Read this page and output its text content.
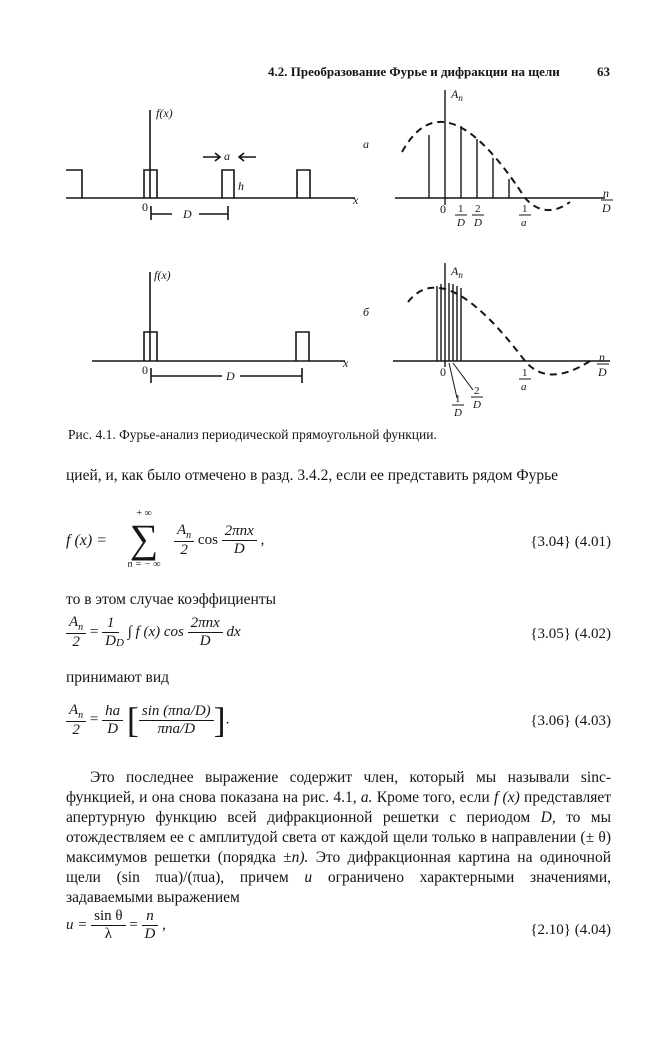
4.2. Преобразование Фурье и дифракции на щели	63
f(x)
x
a
h
0	D
a
$A_n$
n
D
0 1
D
2
D
1
a
f(x)
x
0	D
б
$A_n$
n
D
0
1
D
2
D
1
a
Рис. 4.1. Фурье-анализ периодической прямоугольной функции.
цией, и, как было отмечено в разд. 3.4.2, если ее представить рядом Фурье
f (x) =
+ ∞
∑
n = − ∞
$\frac{A_n}{2}$ $\cos \frac{\text{2πnx}}{D}$ ,	{3.04} (4.01)
то в этом случае коэффициенты
$\frac{A_n}{2} = \frac{1}{D}$
$_D$ ∫ f (x) $\cos \frac{\text{2πnx}}{D}$ dx	{3.05} (4.02)
принимают вид
$\frac{A_n}{2} = \frac{ha}{D}$ [ $\frac{\text{sin (πna/D)}}{\text{πna/D}}$ ].	{3.06} (4.03)
Это последнее выражение содержит член, который мы называли sinc-функцией, и она снова показана на рис. 4.1, a. Кроме того, если f (x) представляет апертурную функцию всей дифракционной решетки с периодом D, то мы отождествляем ее с амплитудой света от каждой щели только в направлении (± θ) максимумов решетки (порядка ±n). Это дифракционная картина на одиночной щели (sin πua)/(πua), причем u ограничено характерными значениями, задаваемыми выражением
$u = \frac{\text{sin θ}}{\lambda} = \frac{n}{D}$ ,	{2.10} (4.04)
